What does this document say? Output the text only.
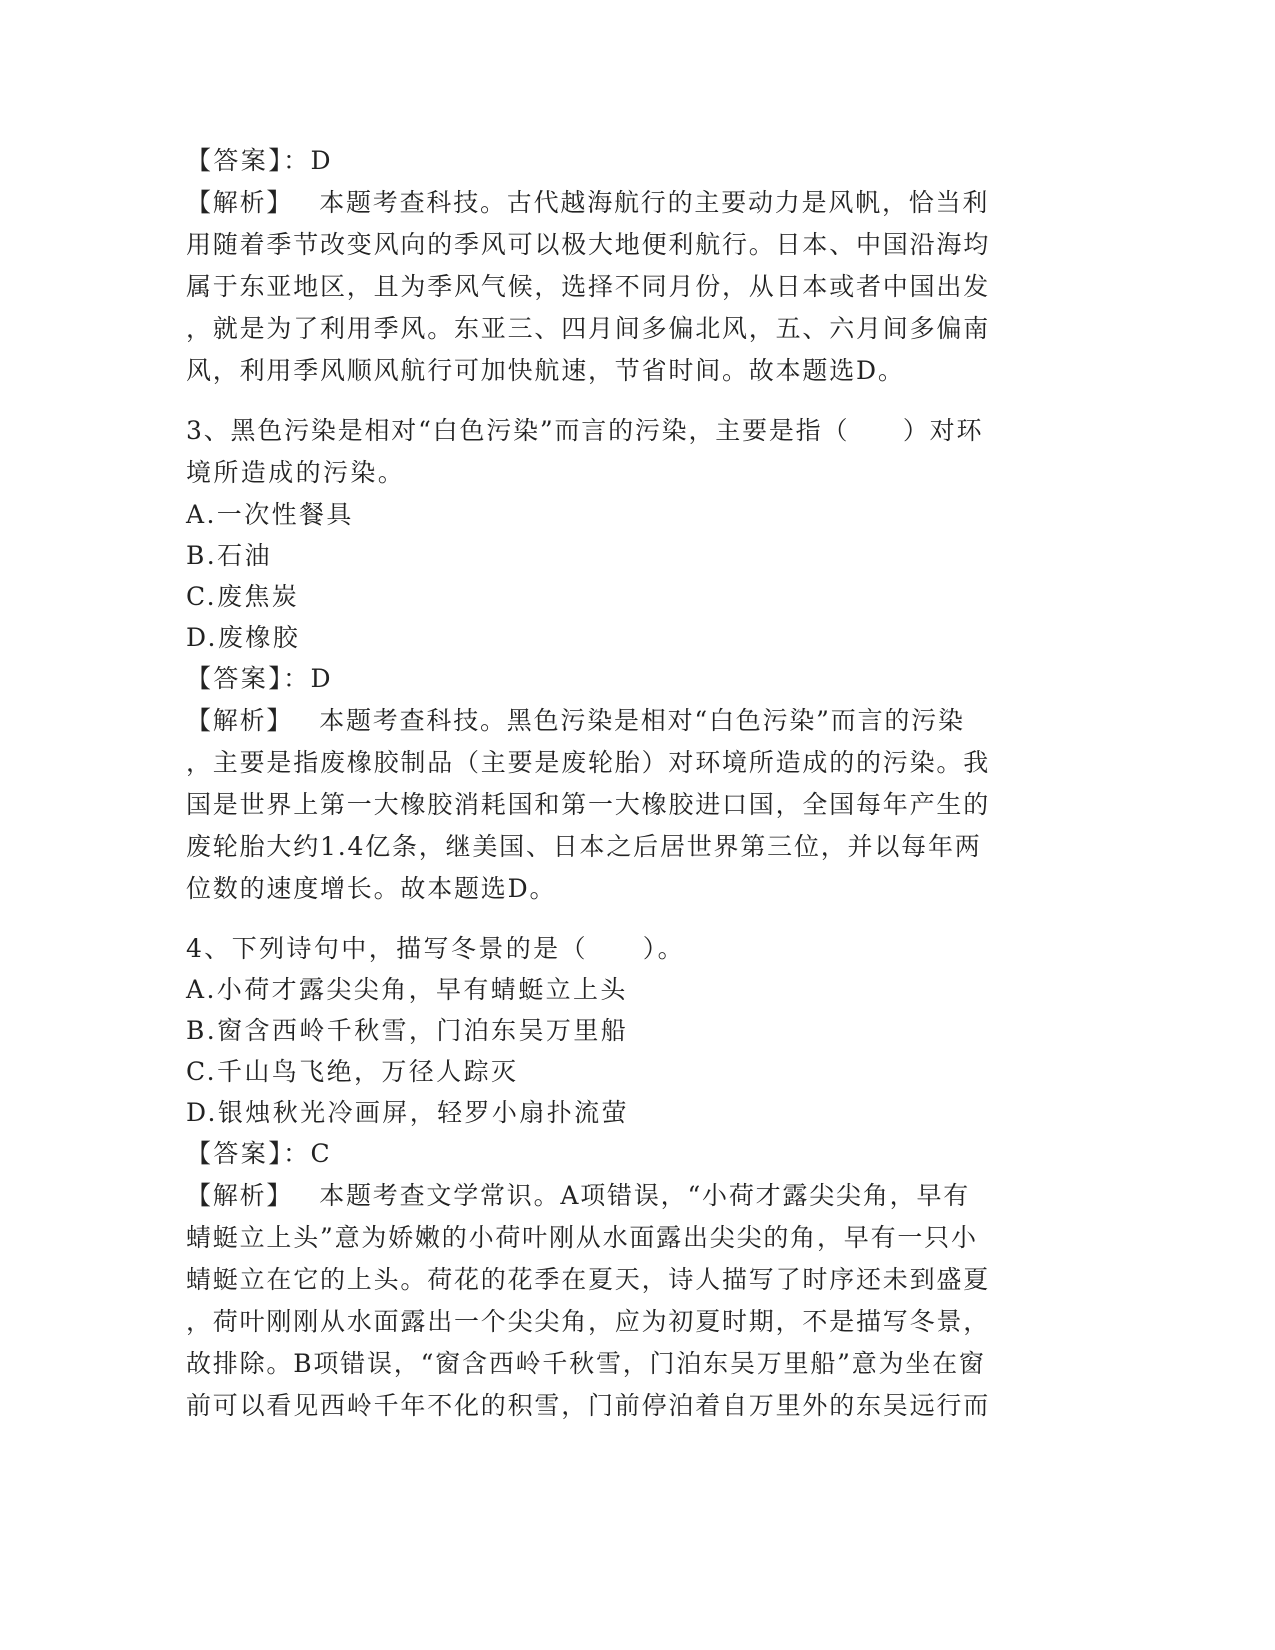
【答案】：D
【解析】 本题考查科技。古代越海航行的主要动力是风帆，恰当利
用随着季节改变风向的季风可以极大地便利航行。日本、中国沿海均
属于东亚地区，且为季风气候，选择不同月份，从日本或者中国出发
，就是为了利用季风。东亚三、四月间多偏北风，五、六月间多偏南
风，利用季风顺风航行可加快航速，节省时间。故本题选D。
3、黑色污染是相对“白色污染”而言的污染，主要是指（　　）对环
境所造成的污染。
A.一次性餐具
B.石油
C.废焦炭
D.废橡胶
【答案】：D
【解析】 本题考查科技。黑色污染是相对“白色污染”而言的污染
，主要是指废橡胶制品（主要是废轮胎）对环境所造成的的污染。我
国是世界上第一大橡胶消耗国和第一大橡胶进口国，全国每年产生的
废轮胎大约1.4亿条，继美国、日本之后居世界第三位，并以每年两
位数的速度增长。故本题选D。
4、下列诗句中，描写冬景的是（　　）。
A.小荷才露尖尖角，早有蜻蜓立上头
B.窗含西岭千秋雪，门泊东吴万里船
C.千山鸟飞绝，万径人踪灭
D.银烛秋光冷画屏，轻罗小扇扑流萤
【答案】：C
【解析】 本题考查文学常识。A项错误，“小荷才露尖尖角，早有
蜻蜓立上头”意为娇嫩的小荷叶刚从水面露出尖尖的角，早有一只小
蜻蜓立在它的上头。荷花的花季在夏天，诗人描写了时序还未到盛夏
，荷叶刚刚从水面露出一个尖尖角，应为初夏时期，不是描写冬景，
故排除。B项错误，“窗含西岭千秋雪，门泊东吴万里船”意为坐在窗
前可以看见西岭千年不化的积雪，门前停泊着自万里外的东吴远行而
